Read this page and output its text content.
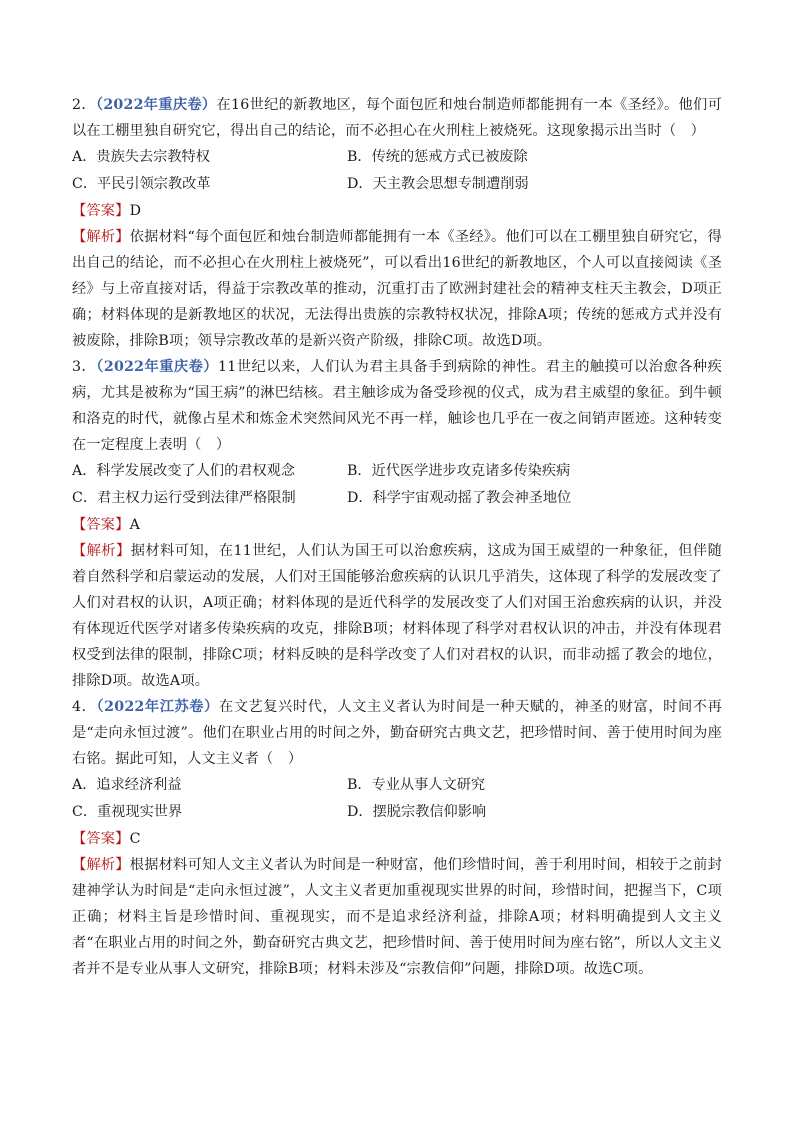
2．（2022年重庆卷）在16世纪的新教地区，每个面包匠和烛台制造师都能拥有一本《圣经》。他们可以在工棚里独自研究它，得出自己的结论，而不必担心在火刑柱上被烧死。这现象揭示出当时（　）

A．贵族失去宗教特权	B．传统的惩戒方式已被废除
C．平民引领宗教改革	D．天主教会思想专制遭削弱

【答案】D

【解析】依据材料“每个面包匠和烛台制造师都能拥有一本《圣经》。他们可以在工棚里独自研究它，得出自己的结论，而不必担心在火刑柱上被烧死”，可以看出16世纪的新教地区，个人可以直接阅读《圣经》与上帝直接对话，得益于宗教改革的推动，沉重打击了欧洲封建社会的精神支柱天主教会，D项正确；材料体现的是新教地区的状况，无法得出贵族的宗教特权状况，排除A项；传统的惩戒方式并没有被废除，排除B项；领导宗教改革的是新兴资产阶级，排除C项。故选D项。

3．（2022年重庆卷）11世纪以来，人们认为君主具备手到病除的神性。君主的触摸可以治愈各种疾病，尤其是被称为“国王病”的淋巴结核。君主触诊成为备受珍视的仪式，成为君主威望的象征。到牛顿和洛克的时代，就像占星术和炼金术突然间风光不再一样，触诊也几乎在一夜之间销声匿迹。这种转变在一定程度上表明（　）

A．科学发展改变了人们的君权观念	B．近代医学进步攻克诸多传染疾病
C．君主权力运行受到法律严格限制	D．科学宇宙观动摇了教会神圣地位

【答案】A

【解析】据材料可知，在11世纪，人们认为国王可以治愈疾病，这成为国王威望的一种象征，但伴随着自然科学和启蒙运动的发展，人们对王国能够治愈疾病的认识几乎消失，这体现了科学的发展改变了人们对君权的认识，A项正确；材料体现的是近代科学的发展改变了人们对国王治愈疾病的认识，并没有体现近代医学对诸多传染疾病的攻克，排除B项；材料体现了科学对君权认识的冲击，并没有体现君权受到法律的限制，排除C项；材料反映的是科学改变了人们对君权的认识，而非动摇了教会的地位，排除D项。故选A项。

4．（2022年江苏卷）在文艺复兴时代，人文主义者认为时间是一种天赋的，神圣的财富，时间不再是“走向永恒过渡”。他们在职业占用的时间之外，勤奋研究古典文艺，把珍惜时间、善于使用时间为座右铭。据此可知，人文主义者（　）

A．追求经济利益	B．专业从事人文研究
C．重视现实世界	D．摆脱宗教信仰影响

【答案】C

【解析】根据材料可知人文主义者认为时间是一种财富，他们珍惜时间，善于利用时间，相较于之前封建神学认为时间是“走向永恒过渡”，人文主义者更加重视现实世界的时间，珍惜时间，把握当下，C项正确；材料主旨是珍惜时间、重视现实，而不是追求经济利益，排除A项；材料明确提到人文主义者“在职业占用的时间之外，勤奋研究古典文艺，把珍惜时间、善于使用时间为座右铭”，所以人文主义者并不是专业从事人文研究，排除B项；材料未涉及“宗教信仰”问题，排除D项。故选C项。
